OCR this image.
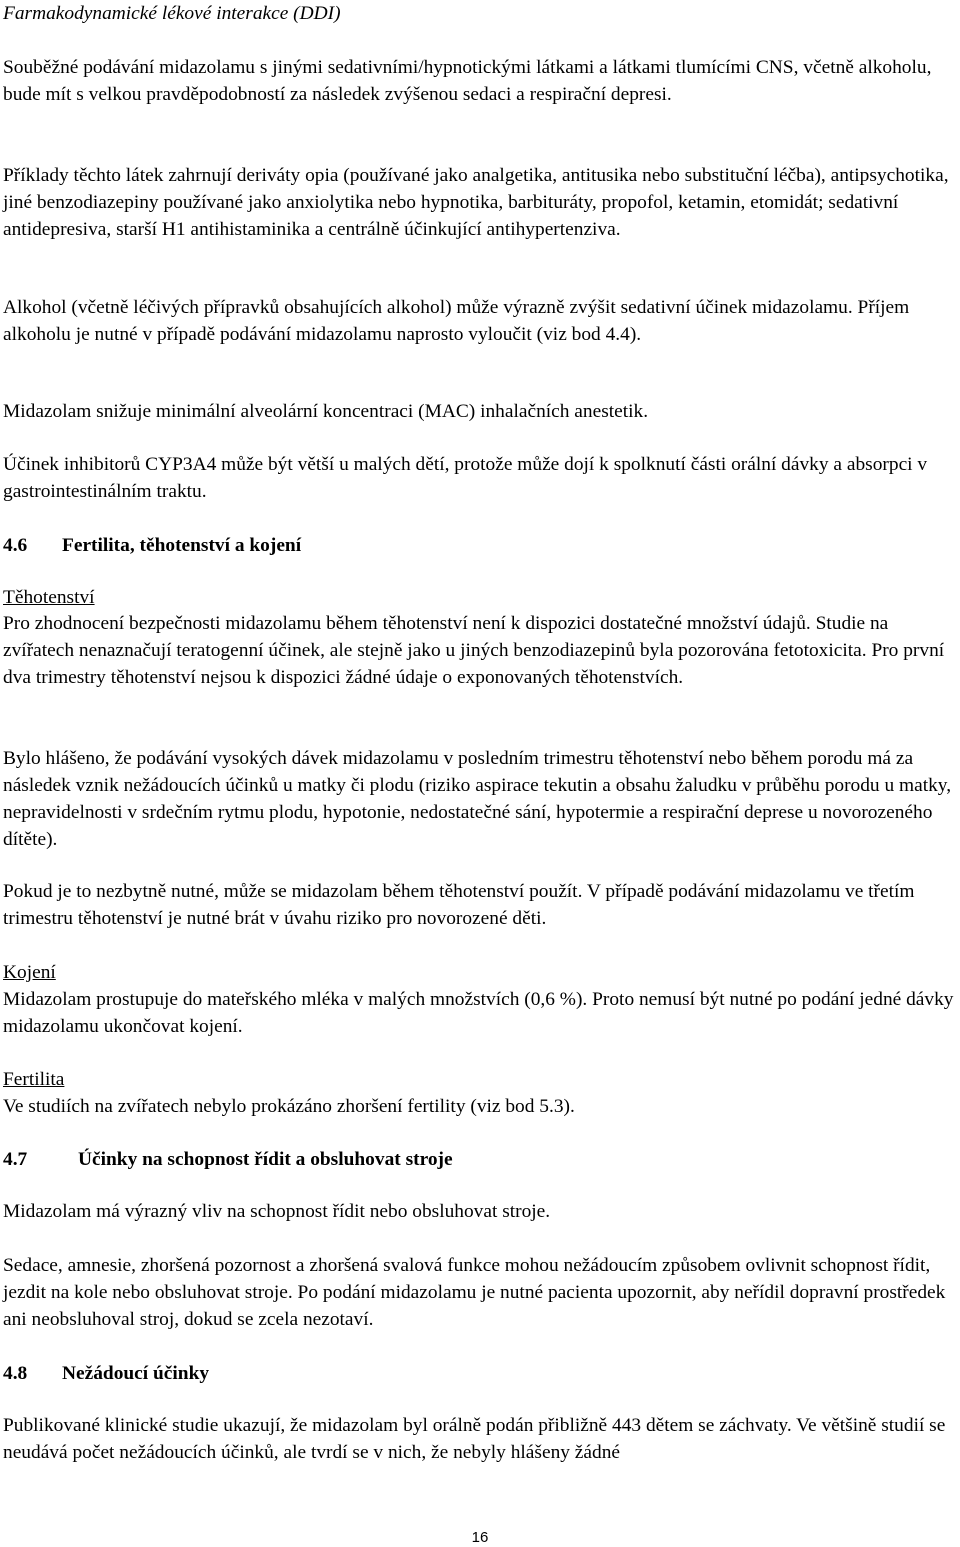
Farmakodynamické lékové interakce (DDI)

Souběžné podávání midazolamu s jinými sedativními/hypnotickými látkami a látkami tlumícími CNS, včetně alkoholu, bude mít s velkou pravděpodobností za následek zvýšenou sedaci a respirační depresi.

Příklady těchto látek zahrnují deriváty opia (používané jako analgetika, antitusika nebo substituční léčba), antipsychotika, jiné benzodiazepiny používané jako anxiolytika nebo hypnotika, barbituráty, propofol, ketamin, etomidát; sedativní antidepresiva, starší H1 antihistaminika a centrálně účinkující antihypertenziva.

Alkohol (včetně léčivých přípravků obsahujících alkohol) může výrazně zvýšit sedativní účinek midazolamu. Příjem alkoholu je nutné v případě podávání midazolamu naprosto vyloučit (viz bod 4.4).

Midazolam snižuje minimální alveolární koncentraci (MAC) inhalačních anestetik.

Účinek inhibitorů CYP3A4 může být větší u malých dětí, protože může dojí k spolknutí části orální dávky a absorpci v gastrointestinálním traktu.

4.6 Fertilita, těhotenství a kojení

Těhotenství

Pro zhodnocení bezpečnosti midazolamu během těhotenství není k dispozici dostatečné množství údajů. Studie na zvířatech nenaznačují teratogenní účinek, ale stejně jako u jiných benzodiazepinů byla pozorována fetotoxicita. Pro první dva trimestry těhotenství nejsou k dispozici žádné údaje o exponovaných těhotenstvích.

Bylo hlášeno, že podávání vysokých dávek midazolamu v posledním trimestru těhotenství nebo během porodu má za následek vznik nežádoucích účinků u matky či plodu (riziko aspirace tekutin a obsahu žaludku v průběhu porodu u matky, nepravidelnosti v srdečním rytmu plodu, hypotonie, nedostatečné sání, hypotermie a respirační deprese u novorozeného dítěte).

Pokud je to nezbytně nutné, může se midazolam během těhotenství použít. V případě podávání midazolamu ve třetím trimestru těhotenství je nutné brát v úvahu riziko pro novorozené děti.

Kojení

Midazolam prostupuje do mateřského mléka v malých množstvích (0,6 %). Proto nemusí být nutné po podání jedné dávky midazolamu ukončovat kojení.

Fertilita

Ve studiích na zvířatech nebylo prokázáno zhoršení fertility (viz bod 5.3).

4.7	Účinky na schopnost řídit a obsluhovat stroje

Midazolam má výrazný vliv na schopnost řídit nebo obsluhovat stroje.

Sedace, amnesie, zhoršená pozornost a zhoršená svalová funkce mohou nežádoucím způsobem ovlivnit schopnost řídit, jezdit na kole nebo obsluhovat stroje. Po podání midazolamu je nutné pacienta upozornit, aby neřídil dopravní prostředek ani neobsluhoval stroj, dokud se zcela nezotaví.

4.8 Nežádoucí účinky

Publikované klinické studie ukazují, že midazolam byl orálně podán přibližně 443 dětem se záchvaty. Ve většině studií se neudává počet nežádoucích účinků, ale tvrdí se v nich, že nebyly hlášeny žádné

16
